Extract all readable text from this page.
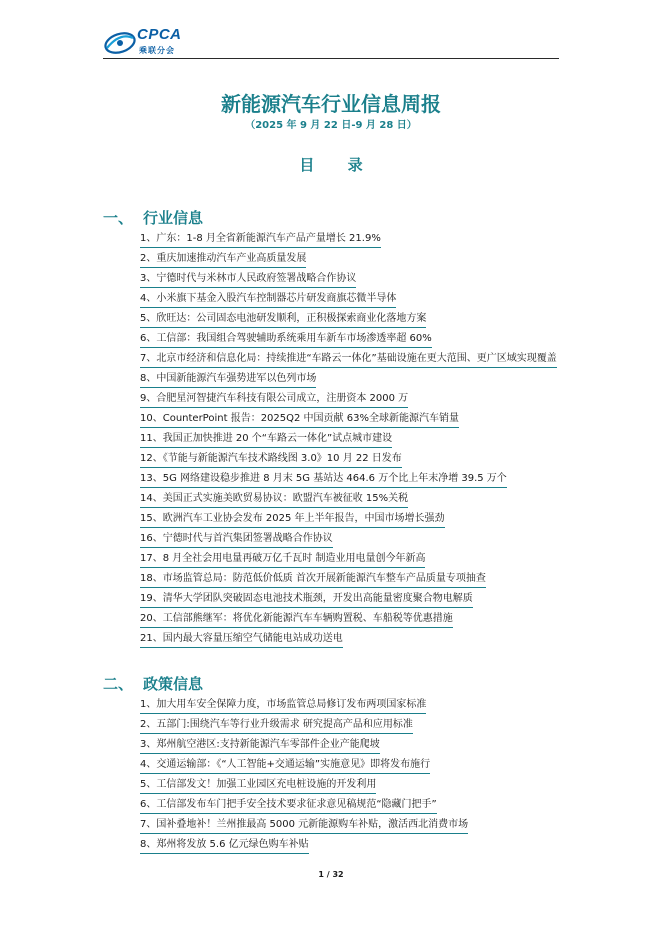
CPCA
乘联分会
新能源汽车行业信息周报
（2025 年 9 月 22 日-9 月 28 日）
目 录
一、 行业信息
1、广东：1-8 月全省新能源汽车产品产量增长 21.9%
2、重庆加速推动汽车产业高质量发展
3、宁德时代与米林市人民政府签署战略合作协议
4、小米旗下基金入股汽车控制器芯片研发商旗芯微半导体
5、欣旺达：公司固态电池研发顺利，正积极探索商业化落地方案
6、工信部：我国组合驾驶辅助系统乘用车新车市场渗透率超 60%
7、北京市经济和信息化局：持续推进“车路云一体化”基础设施在更大范围、更广区域实现覆盖
8、中国新能源汽车强势进军以色列市场
9、合肥星河智捷汽车科技有限公司成立，注册资本 2000 万
10、CounterPoint 报告：2025Q2 中国贡献 63%全球新能源汽车销量
11、我国正加快推进 20 个“车路云一体化”试点城市建设
12、《节能与新能源汽车技术路线图 3.0》10 月 22 日发布
13、5G 网络建设稳步推进 8 月末 5G 基站达 464.6 万个比上年末净增 39.5 万个
14、美国正式实施美欧贸易协议：欧盟汽车被征收 15%关税
15、欧洲汽车工业协会发布 2025 年上半年报告，中国市场增长强劲
16、宁德时代与首汽集团签署战略合作协议
17、8 月全社会用电量再破万亿千瓦时 制造业用电量创今年新高
18、市场监管总局：防范低价低质 首次开展新能源汽车整车产品质量专项抽查
19、清华大学团队突破固态电池技术瓶颈，开发出高能量密度聚合物电解质
20、工信部熊继军：将优化新能源汽车车辆购置税、车船税等优惠措施
21、国内最大容量压缩空气储能电站成功送电
二、 政策信息
1、加大用车安全保障力度，市场监管总局修订发布两项国家标准
2、五部门:围绕汽车等行业升级需求 研究提高产品和应用标准
3、郑州航空港区:支持新能源汽车零部件企业产能爬坡
4、交通运输部：《“人工智能+交通运输”实施意见》即将发布施行
5、工信部发文！加强工业园区充电桩设施的开发利用
6、工信部发布车门把手安全技术要求征求意见稿规范“隐藏门把手”
7、国补叠地补！兰州推最高 5000 元新能源购车补贴，激活西北消费市场
8、郑州将发放 5.6 亿元绿色购车补贴
1 / 32
